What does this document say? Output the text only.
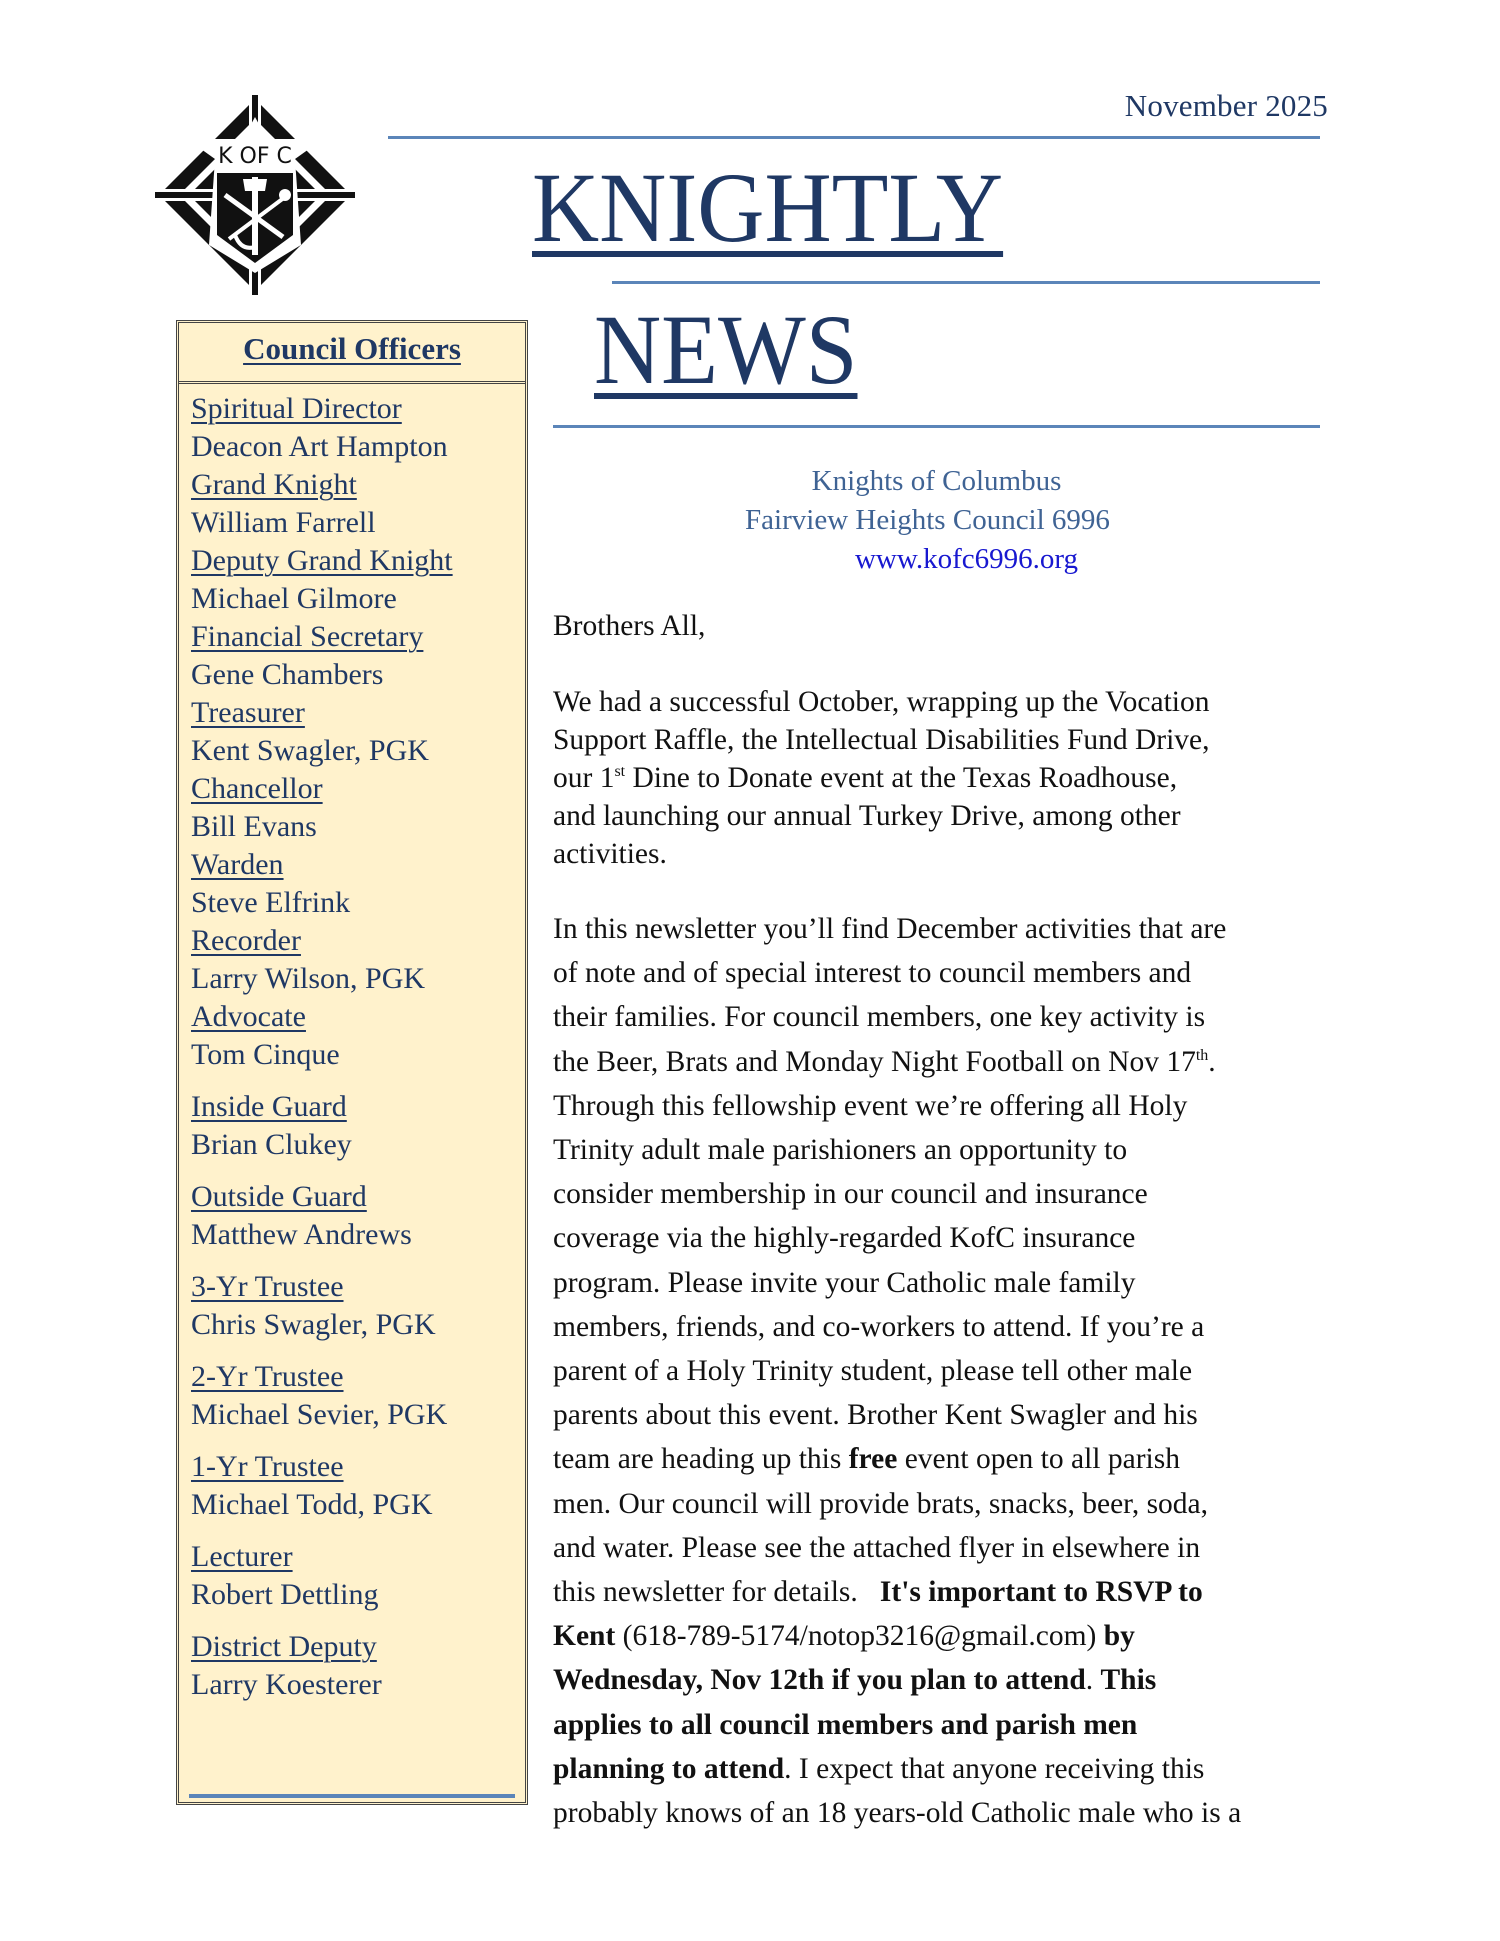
K OF C
November 2025
KNIGHTLY
NEWS
Knights of Columbus
Fairview Heights Council 6996
www.kofc6996.org
Council Officers
Spiritual Director
Deacon Art Hampton
Grand Knight
William Farrell
Deputy Grand Knight
Michael Gilmore
Financial Secretary
Gene Chambers
Treasurer
Kent Swagler, PGK
Chancellor
Bill Evans
Warden
Steve Elfrink
Recorder
Larry Wilson, PGK
Advocate
Tom Cinque
Inside Guard
Brian Clukey
Outside Guard
Matthew Andrews
3-Yr Trustee
Chris Swagler, PGK
2-Yr Trustee
Michael Sevier, PGK
1-Yr Trustee
Michael Todd, PGK
Lecturer
Robert Dettling
District Deputy
Larry Koesterer
Brothers All,
We had a successful October, wrapping up the Vocation
Support Raffle, the Intellectual Disabilities Fund Drive,
our 1st Dine to Donate event at the Texas Roadhouse,
and launching our annual Turkey Drive, among other
activities.
In this newsletter you’ll find December activities that are
of note and of special interest to council members and
their families. For council members, one key activity is
the Beer, Brats and Monday Night Football on Nov 17th.
Through this fellowship event we’re offering all Holy
Trinity adult male parishioners an opportunity to
consider membership in our council and insurance
coverage via the highly-regarded KofC insurance
program. Please invite your Catholic male family
members, friends, and co-workers to attend. If you’re a
parent of a Holy Trinity student, please tell other male
parents about this event. Brother Kent Swagler and his
team are heading up this free event open to all parish
men. Our council will provide brats, snacks, beer, soda,
and water. Please see the attached flyer in elsewhere in
this newsletter for details.   It's important to RSVP to
Kent (618-789-5174/notop3216@gmail.com) by
Wednesday, Nov 12th if you plan to attend. This
applies to all council members and parish men
planning to attend. I expect that anyone receiving this
probably knows of an 18 years-old Catholic male who is a
